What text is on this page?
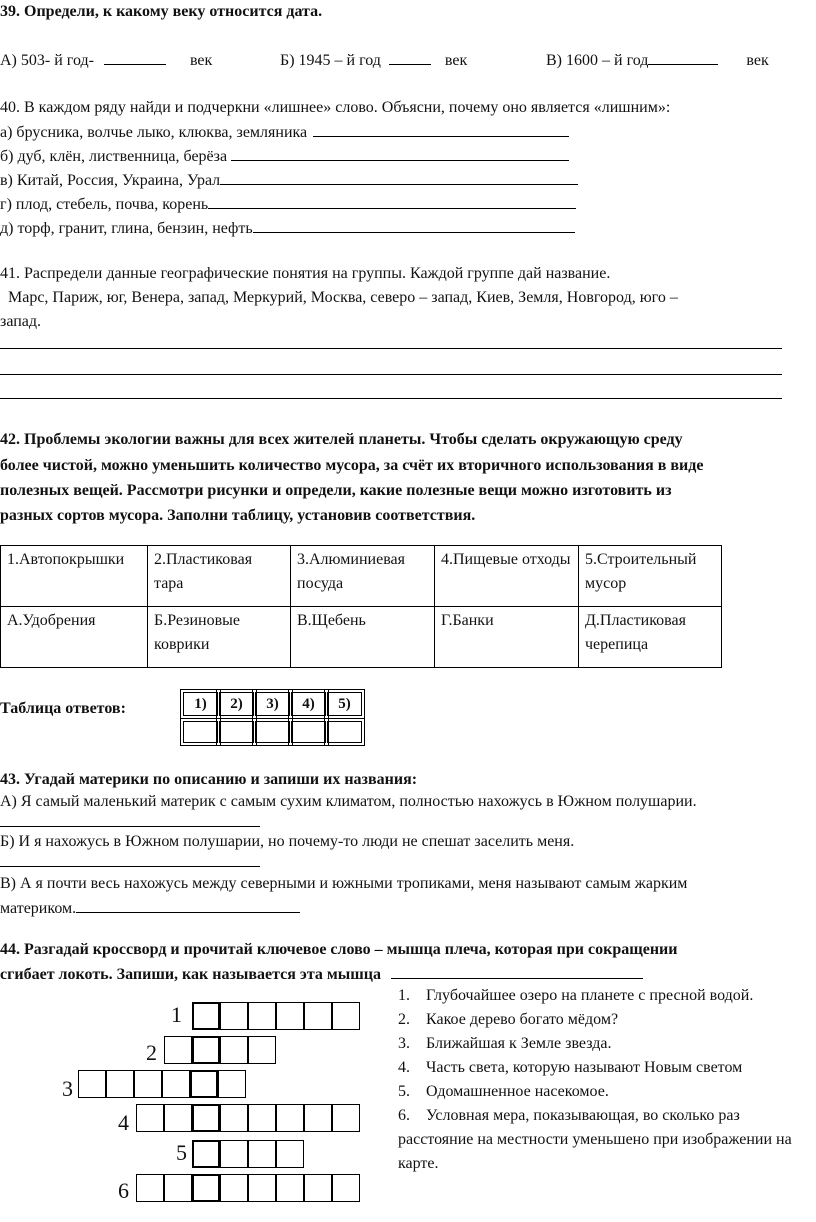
39. Определи, к какому веку относится дата.
А) 503- й год-	век	Б) 1945 – й год	век	В) 1600 – й год	век
40. В каждом ряду найди и подчеркни «лишнее» слово. Объясни, почему оно является «лишним»:
а) брусника, волчье лыко, клюква, земляника
б) дуб, клён, лиственница, берёза
в) Китай, Россия, Украина, Урал
г) плод, стебель, почва, корень
д) торф, гранит, глина, бензин, нефть
41. Распредели данные географические понятия на группы. Каждой группе дай название.
Марс, Париж, юг, Венера, запад, Меркурий, Москва, северо – запад, Киев, Земля, Новгород, юго –
запад.
42. Проблемы экологии важны для всех жителей планеты. Чтобы сделать окружающую среду
более чистой, можно уменьшить количество мусора, за счёт их вторичного использования в виде
полезных вещей. Рассмотри рисунки и определи, какие полезные вещи можно изготовить из
разных сортов мусора. Заполни таблицу, установив соответствия.
1.Автопокрышки	2.Пластиковая тара	3.Алюминиевая посуда	4.Пищевые отходы	5.Строительный мусор
А.Удобрения	Б.Резиновые коврики	В.Щебень	Г.Банки	Д.Пластиковая черепица
Таблица ответов:	1)	2)	3)	4)	5)
43. Угадай материки по описанию и запиши их названия:
А) Я самый маленький материк с самым сухим климатом, полностью нахожусь в Южном полушарии.
Б) И я нахожусь в Южном полушарии, но почему-то люди не спешат заселить меня.
В) А я почти весь нахожусь между северными и южными тропиками, меня называют самым жарким
материком.
44. Разгадай кроссворд и прочитай ключевое слово – мышца плеча, которая при сокращении
сгибает локоть. Запиши, как называется эта мышца
1
2
3
4
5
6
1. Глубочайшее озеро на планете с пресной водой.
2. Какое дерево богато мёдом?
3. Ближайшая к Земле звезда.
4. Часть света, которую называют Новым светом
5. Одомашненное насекомое.
6. Условная мера, показывающая, во сколько раз расстояние на местности уменьшено при изображении на карте.
